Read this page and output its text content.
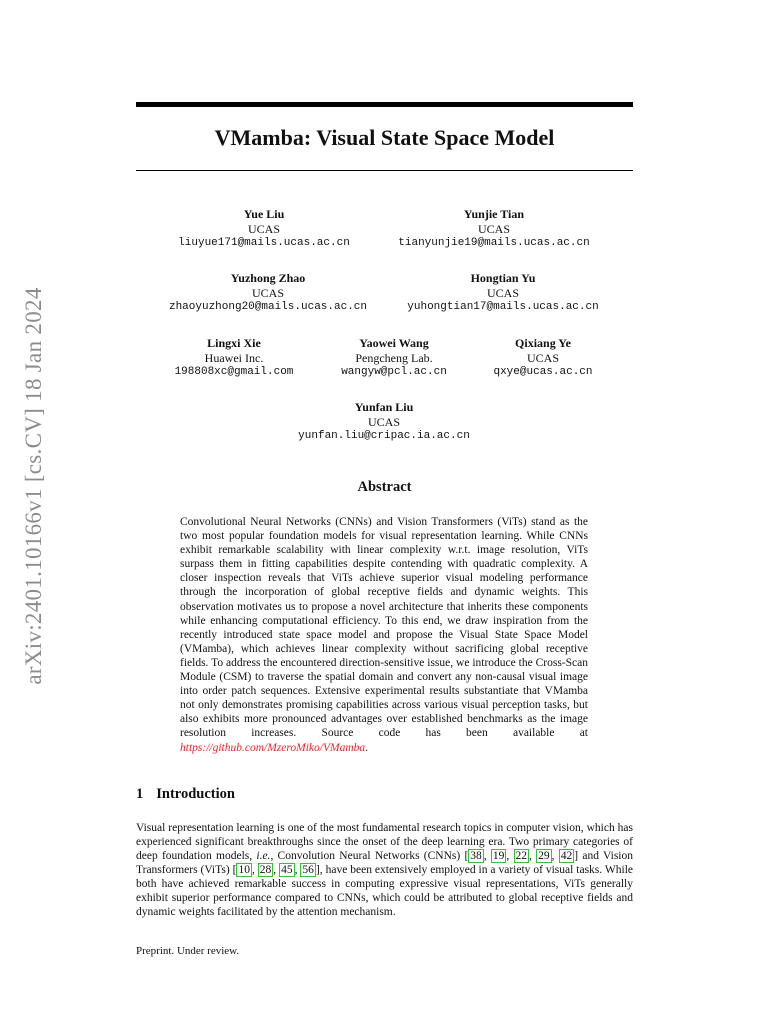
arXiv:2401.10166v1 [cs.CV] 18 Jan 2024
VMamba: Visual State Space Model
Yue Liu
UCAS
liuyue171@mails.ucas.ac.cn
Yunjie Tian
UCAS
tianyunjie19@mails.ucas.ac.cn
Yuzhong Zhao
UCAS
zhaoyuzhong20@mails.ucas.ac.cn
Hongtian Yu
UCAS
yuhongtian17@mails.ucas.ac.cn
Lingxi Xie
Huawei Inc.
198808xc@gmail.com
Yaowei Wang
Pengcheng Lab.
wangyw@pcl.ac.cn
Qixiang Ye
UCAS
qxye@ucas.ac.cn
Yunfan Liu
UCAS
yunfan.liu@cripac.ia.ac.cn
Abstract
Convolutional Neural Networks (CNNs) and Vision Transformers (ViTs) stand as the two most popular foundation models for visual representation learning. While CNNs exhibit remarkable scalability with linear complexity w.r.t. image resolution, ViTs surpass them in fitting capabilities despite contending with quadratic complexity. A closer inspection reveals that ViTs achieve superior visual modeling performance through the incorporation of global receptive fields and dynamic weights. This observation motivates us to propose a novel architecture that inherits these components while enhancing computational efficiency. To this end, we draw inspiration from the recently introduced state space model and propose the Visual State Space Model (VMamba), which achieves linear complexity without sacrificing global receptive fields. To address the encountered direction-sensitive issue, we introduce the Cross-Scan Module (CSM) to traverse the spatial domain and convert any non-causal visual image into order patch sequences. Extensive experimental results substantiate that VMamba not only demonstrates promising capabilities across various visual perception tasks, but also exhibits more pronounced advantages over established benchmarks as the image resolution increases. Source code has been available at https://github.com/MzeroMiko/VMamba.
1 Introduction
Visual representation learning is one of the most fundamental research topics in computer vision, which has experienced significant breakthroughs since the onset of the deep learning era. Two primary categories of deep foundation models, i.e., Convolution Neural Networks (CNNs) [ 38 , 19 , 22 , 29 , 42 ] and Vision Transformers (ViTs) [ 10 , 28 , 45 , 56 ], have been extensively employed in a variety of visual tasks. While both have achieved remarkable success in computing expressive visual representations, ViTs generally exhibit superior performance compared to CNNs, which could be attributed to global receptive fields and dynamic weights facilitated by the attention mechanism.
Preprint. Under review.
